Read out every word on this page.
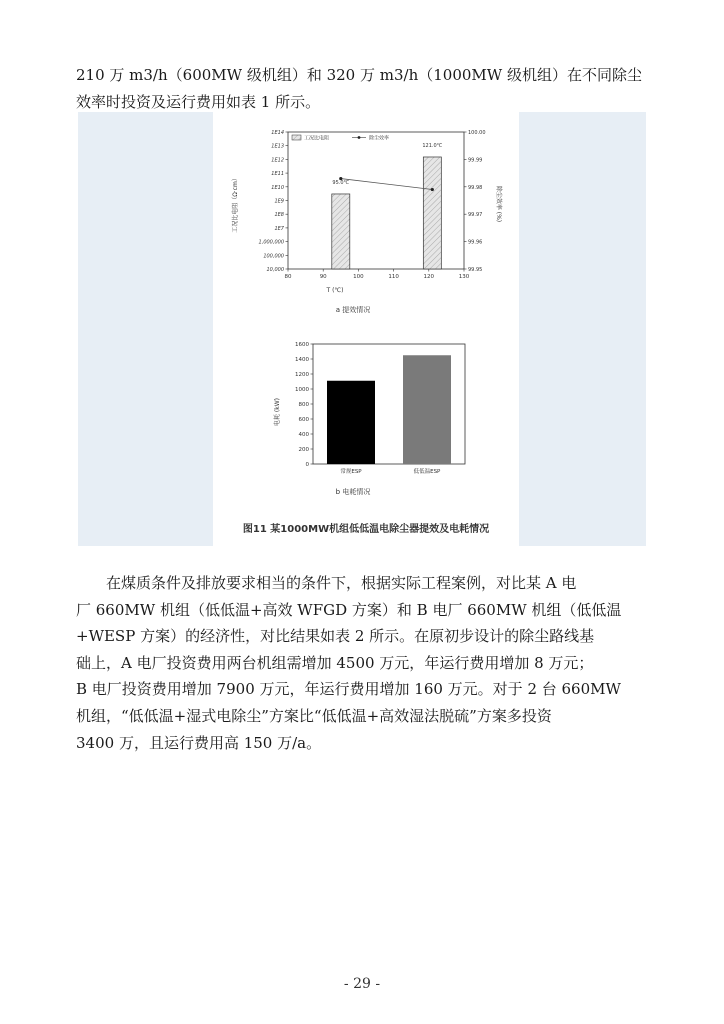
210 万 m3/h（600MW 级机组）和 320 万 m3/h（1000MW 级机组）在不同除尘
效率时投资及运行费用如表 1 所示。
95.0℃
121.0℃
80	90	100	110	120	130
1E14
1E13
1E12
1E11
1E10
1E9
1E8
1E7
1,000,000
100,000
10,000
100.00
99.99
99.98
99.97
99.96
99.95
工况比电阻	除尘效率
T (℃)
a 提效情况
工况比电阻（Ω·cm）	除尘效率 (%)
0
200
400
600
800
1000
1200
1400
1600
常规ESP	低低温ESP
电耗 (kW)
b 电耗情况
图11 某1000MW机组低低温电除尘器提效及电耗情况
在煤质条件及排放要求相当的条件下，根据实际工程案例，对比某 A 电
厂 660MW 机组（低低温+高效 WFGD 方案）和 B 电厂 660MW 机组（低低温
+WESP 方案）的经济性，对比结果如表 2 所示。在原初步设计的除尘路线基
础上，A 电厂投资费用两台机组需增加 4500 万元，年运行费用增加 8 万元；
B 电厂投资费用增加 7900 万元，年运行费用增加 160 万元。对于 2 台 660MW
机组，“低低温+湿式电除尘”方案比“低低温+高效湿法脱硫”方案多投资
3400 万，且运行费用高 150 万/a。
- 29 -
